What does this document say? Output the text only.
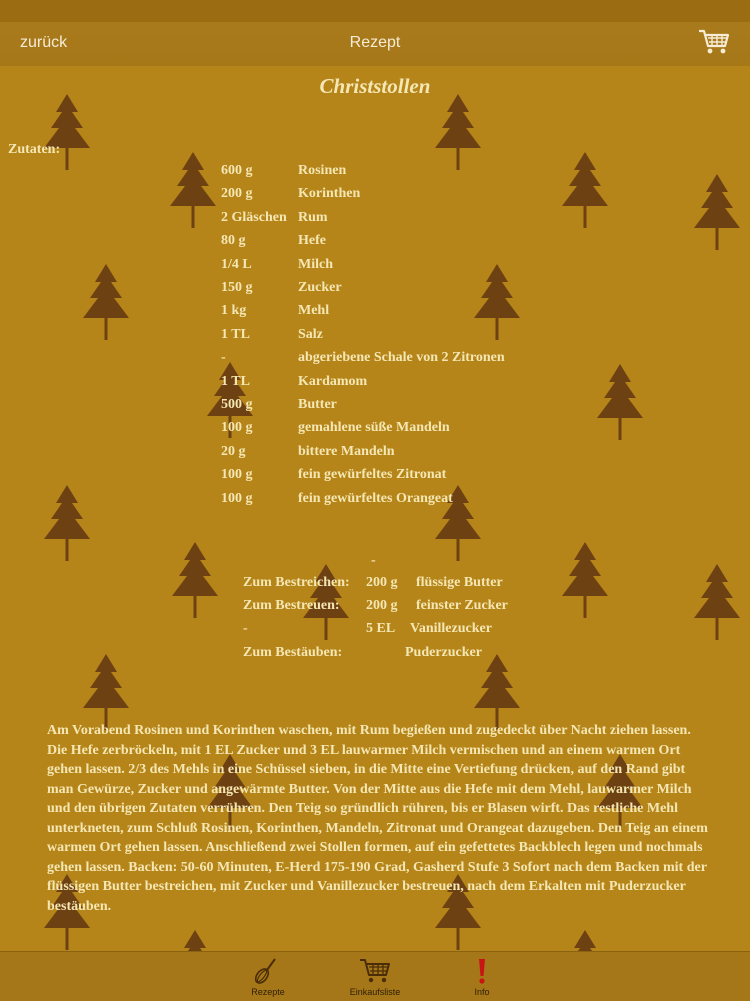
zurück	Rezept
Christstollen
Zutaten:
600 g	Rosinen
200 g	Korinthen
2 Gläschen Rum
80 g	Hefe
1/4 L	Milch
150 g	Zucker
1 kg	Mehl
1 TL	Salz
-	abgeriebene Schale von 2 Zitronen
1 TL	Kardamom
500 g	Butter
100 g	gemahlene süße Mandeln
20 g	bittere Mandeln
100 g	fein gewürfeltes Zitronat
100 g	fein gewürfeltes Orangeat
-
Zum Bestreichen: 200 g flüssige Butter
Zum Bestreuen: 200 g feinster Zucker
-	5 EL Vanillezucker
Zum Bestäuben:	Puderzucker
Am Vorabend Rosinen und Korinthen waschen, mit Rum begießen und zugedeckt über Nacht ziehen lassen. Die Hefe zerbröckeln, mit 1 EL Zucker und 3 EL lauwarmer Milch vermischen und an einem warmen Ort gehen lassen. 2/3 des Mehls in eine Schüssel sieben, in die Mitte eine Vertiefung drücken, auf den Rand gibt man Gewürze, Zucker und angewärmte Butter. Von der Mitte aus die Hefe mit dem Mehl, lauwarmer Milch und den übrigen Zutaten verrühren. Den Teig so gründlich rühren, bis er Blasen wirft. Das restliche Mehl unterkneten, zum Schluß Rosinen, Korinthen, Mandeln, Zitronat und Orangeat dazugeben. Den Teig an einem warmen Ort gehen lassen. Anschließend zwei Stollen formen, auf ein gefettetes Backblech legen und nochmals gehen lassen. Backen: 50-60 Minuten, E-Herd 175-190 Grad, Gasherd Stufe 3 Sofort nach dem Backen mit der flüssigen Butter bestreichen, mit Zucker und Vanillezucker bestreuen, nach dem Erkalten mit Puderzucker bestäuben.
Rezepte	Einkaufsliste	Info
